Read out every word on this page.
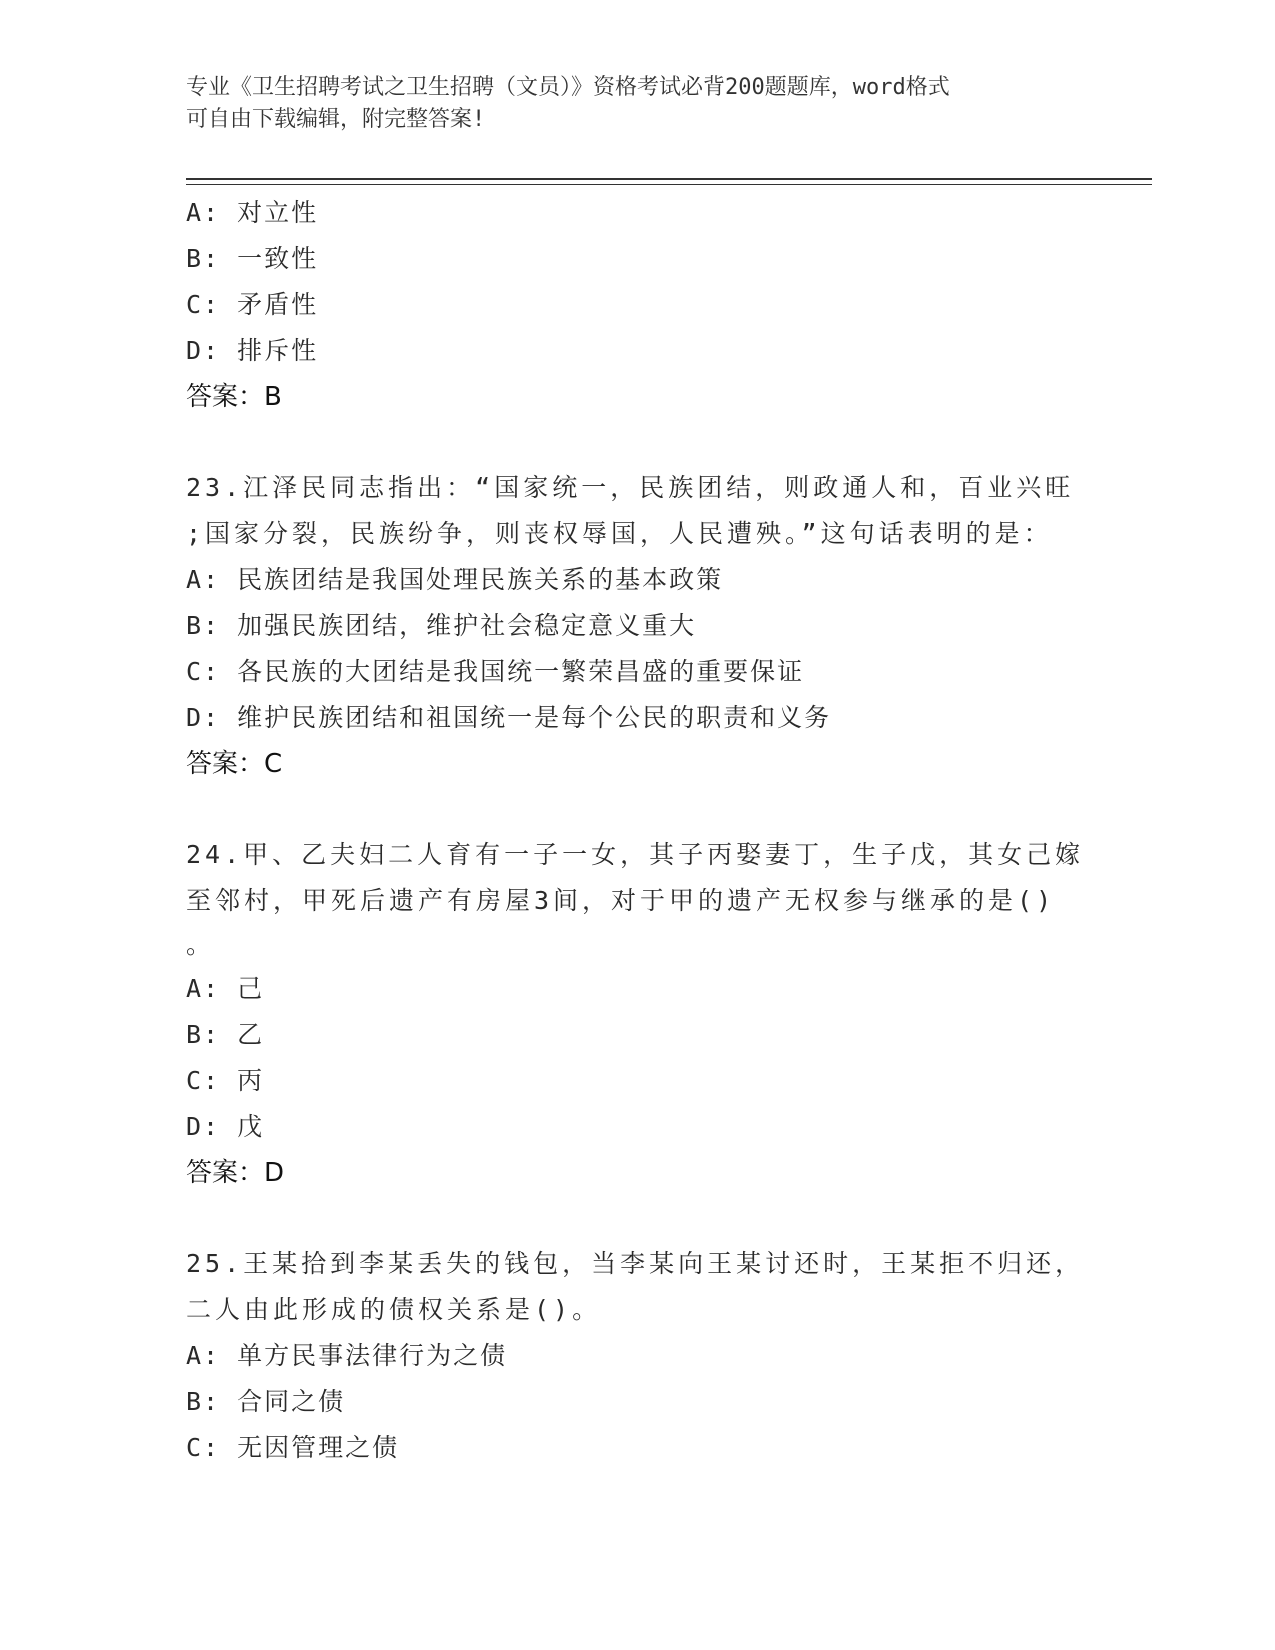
专业《卫生招聘考试之卫生招聘（文员）》资格考试必背200题题库，word格式
可自由下载编辑，附完整答案!
A: 对立性
B: 一致性
C: 矛盾性
D: 排斥性
答案：B
23.江泽民同志指出：“国家统一，民族团结，则政通人和，百业兴旺
;国家分裂，民族纷争，则丧权辱国，人民遭殃。”这句话表明的是：
A: 民族团结是我国处理民族关系的基本政策
B: 加强民族团结，维护社会稳定意义重大
C: 各民族的大团结是我国统一繁荣昌盛的重要保证
D: 维护民族团结和祖国统一是每个公民的职责和义务
答案：C
24.甲、乙夫妇二人育有一子一女，其子丙娶妻丁，生子戊，其女己嫁
至邻村，甲死后遗产有房屋3间，对于甲的遗产无权参与继承的是()
。
A: 己
B: 乙
C: 丙
D: 戊
答案：D
25.王某拾到李某丢失的钱包，当李某向王某讨还时，王某拒不归还，
二人由此形成的债权关系是()。
A: 单方民事法律行为之债
B: 合同之债
C: 无因管理之债
